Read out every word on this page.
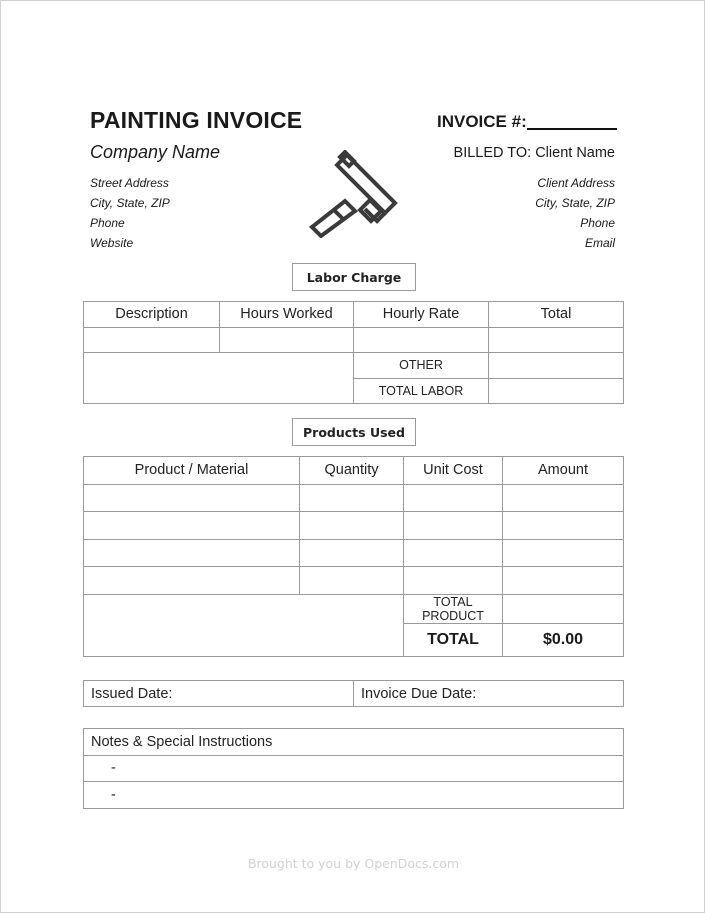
PAINTING INVOICE	INVOICE #:
Company Name	BILLED TO: Client Name
Street Address
City, State, ZIP
Phone
Website
Client Address
City, State, ZIP
Phone
Email
Labor Charge
Description	Hours Worked	Hourly Rate	Total

		OTHER	
		TOTAL LABOR	
Products Used
Product / Material	Quantity	Unit Cost	Amount

		TOTAL PRODUCT	
		TOTAL	$0.00
Issued Date:	Invoice Due Date:
Notes & Special Instructions
-
-
Brought to you by OpenDocs.com
